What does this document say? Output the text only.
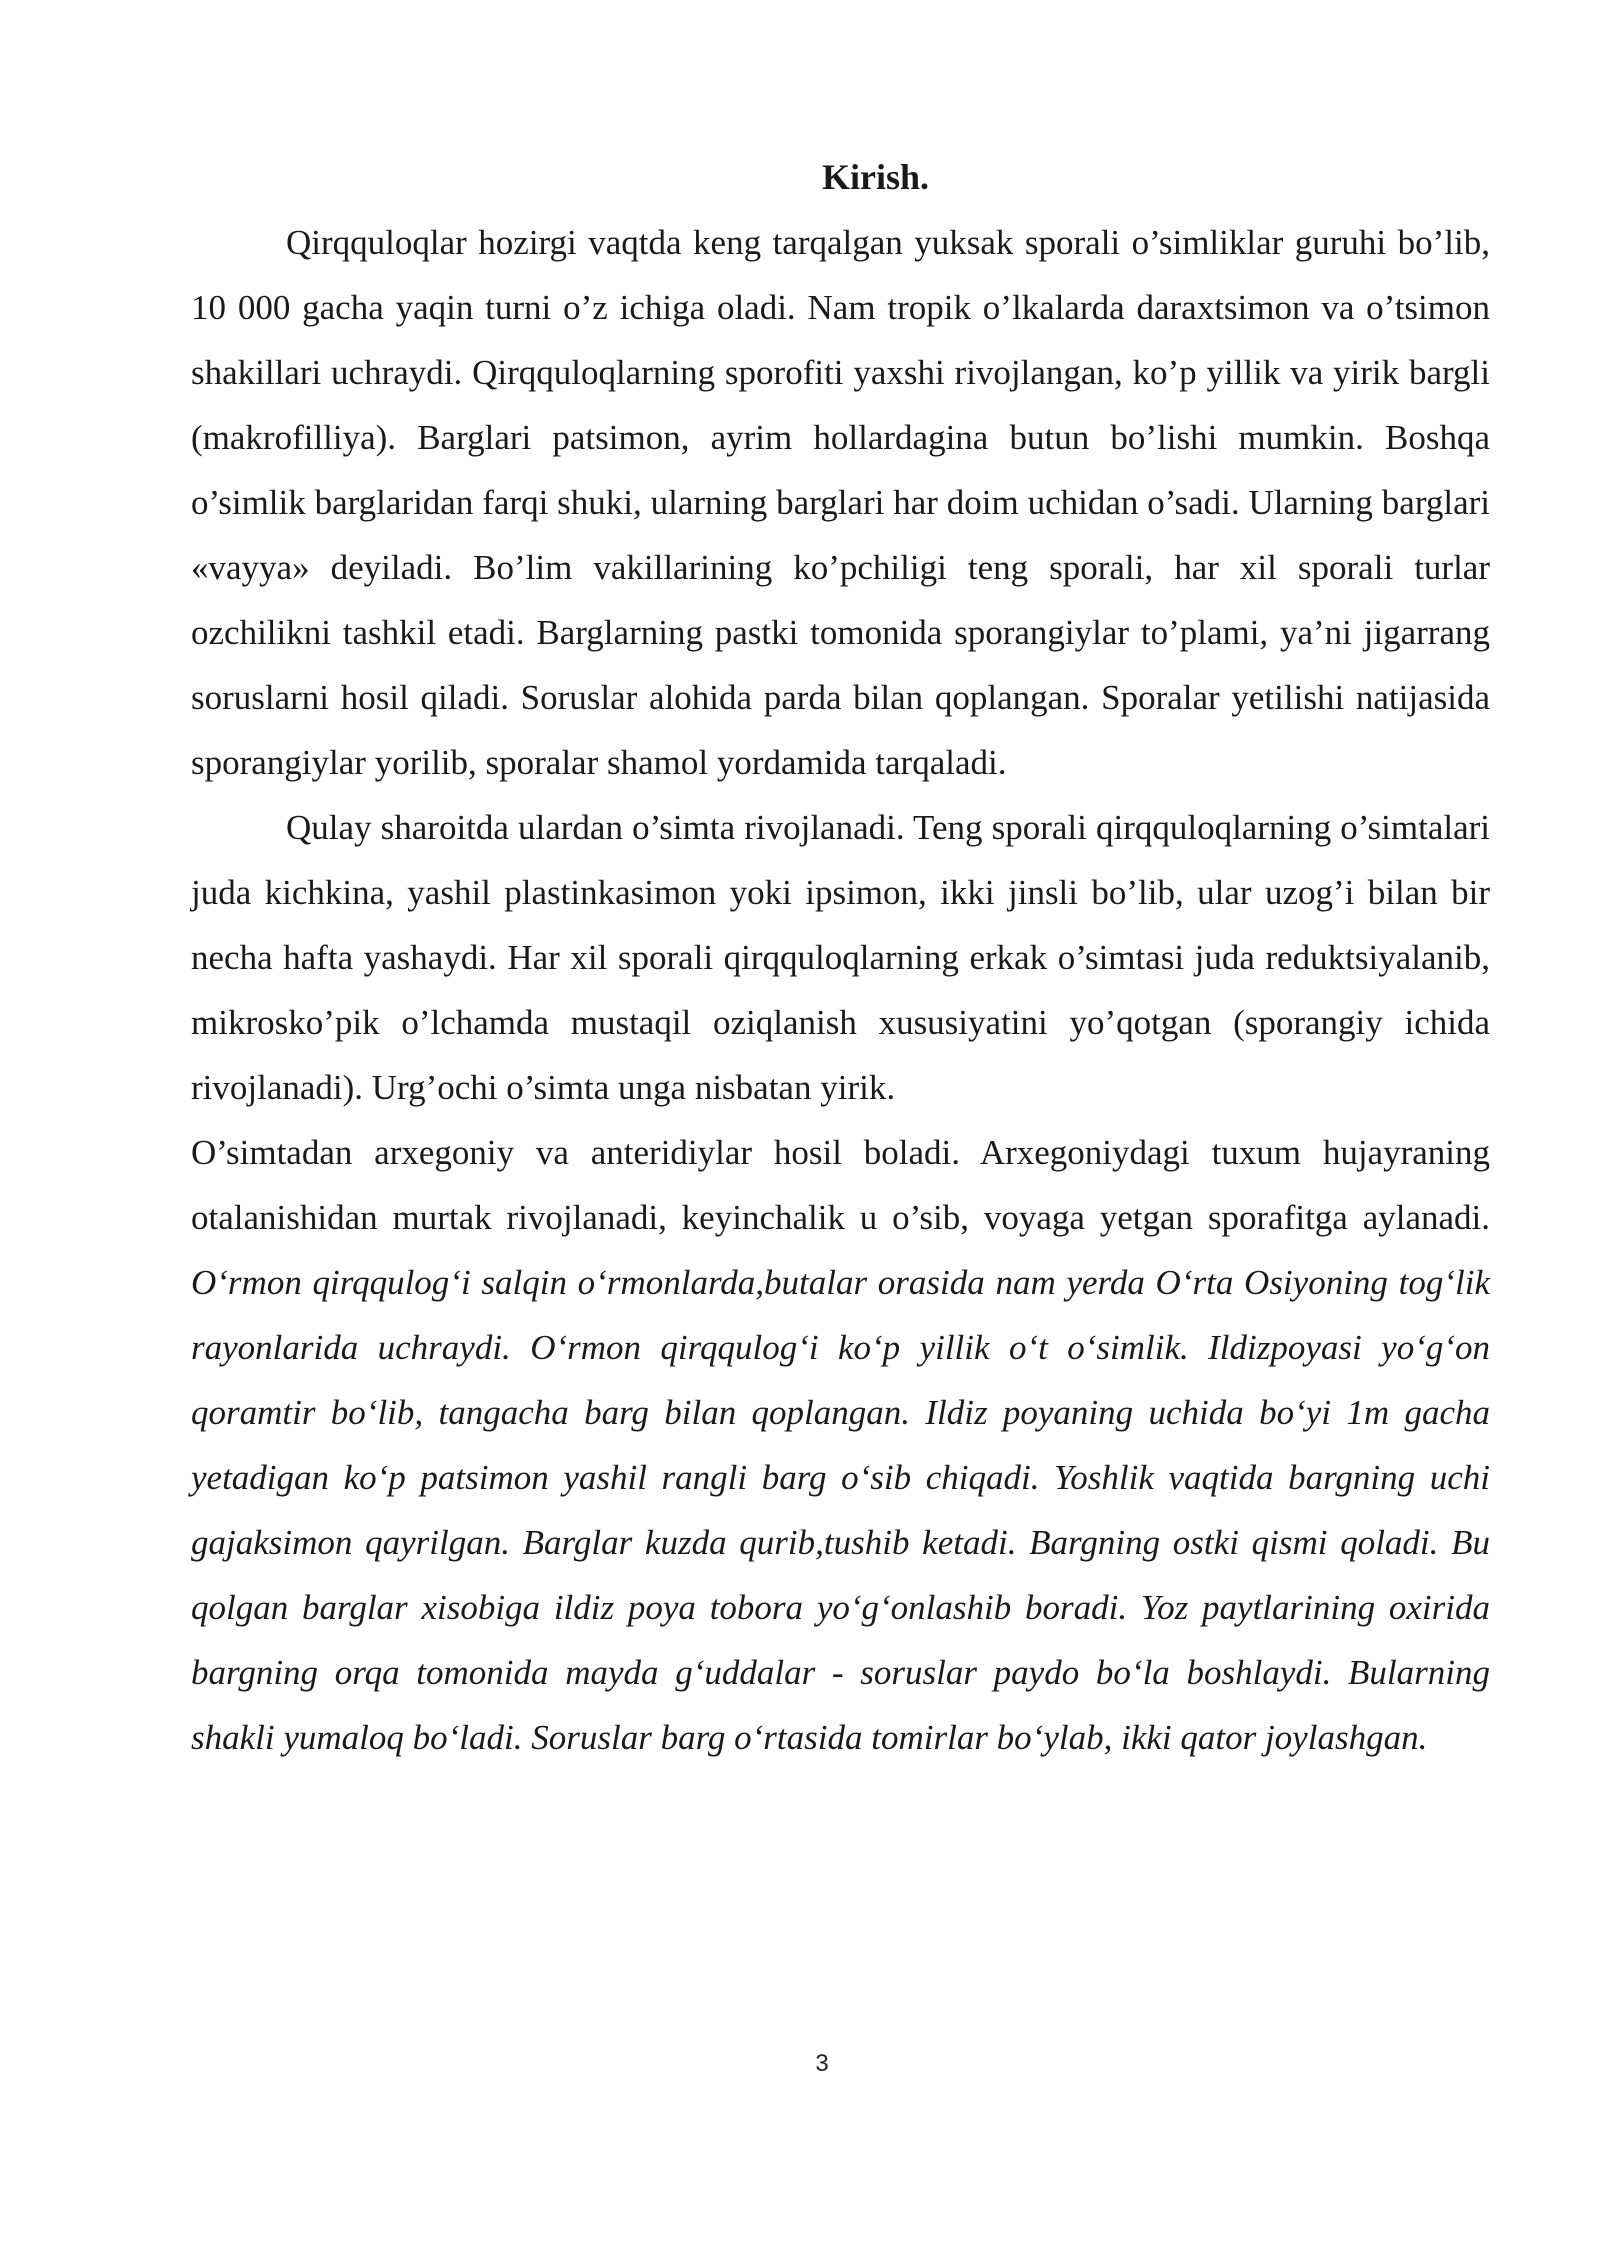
Kirish.

Qirqquloqlar hozirgi vaqtda keng tarqalgan yuksak sporali o’simliklar guruhi bo’lib, 10 000 gacha yaqin turni o’z ichiga oladi. Nam tropik o’lkalarda daraxtsimon va o’tsimon shakillari uchraydi. Qirqquloqlarning sporofiti yaxshi rivojlangan, ko’p yillik va yirik bargli (makrofilliya). Barglari patsimon, ayrim hollardagina butun bo’lishi mumkin. Boshqa o’simlik barglaridan farqi shuki, ularning barglari har doim uchidan o’sadi. Ularning barglari «vayya» deyiladi. Bo’lim vakillarining ko’pchiligi teng sporali, har xil sporali turlar ozchilikni tashkil etadi. Barglarning pastki tomonida sporangiylar to’plami, ya’ni jigarrang soruslarni hosil qiladi. Soruslar alohida parda bilan qoplangan. Sporalar yetilishi natijasida sporangiylar yorilib, sporalar shamol yordamida tarqaladi.

Qulay sharoitda ulardan o’simta rivojlanadi. Teng sporali qirqquloqlarning o’simtalari juda kichkina, yashil plastinkasimon yoki ipsimon, ikki jinsli bo’lib, ular uzog’i bilan bir necha hafta yashaydi. Har xil sporali qirqquloqlarning erkak o’simtasi juda reduktsiyalanib, mikrosko’pik o’lchamda mustaqil oziqlanish xususiyatini yo’qotgan (sporangiy ichida rivojlanadi). Urg’ochi o’simta unga nisbatan yirik.

O’simtadan arxegoniy va anteridiylar hosil boladi. Arxegoniydagi tuxum hujayraning otalanishidan murtak rivojlanadi, keyinchalik u o’sib, voyaga yetgan sporafitga aylanadi. O‘rmon qirqqulog‘i salqin o‘rmonlarda,butalar orasida nam yerda O‘rta Osiyoning tog‘lik rayonlarida uchraydi. O‘rmon qirqqulog‘i ko‘p yillik o‘t o‘simlik. Ildizpoyasi yo‘g‘on qoramtir bo‘lib, tangacha barg bilan qoplangan. Ildiz poyaning uchida bo‘yi 1m gacha yetadigan ko‘p patsimon yashil rangli barg o‘sib chiqadi. Yoshlik vaqtida bargning uchi gajaksimon qayrilgan. Barglar kuzda qurib,tushib ketadi. Bargning ostki qismi qoladi. Bu qolgan barglar xisobiga ildiz poya tobora yo‘g‘onlashib boradi. Yoz paytlarining oxirida bargning orqa tomonida mayda g‘uddalar - soruslar paydo bo‘la boshlaydi. Bularning shakli yumaloq bo‘ladi. Soruslar barg o‘rtasida tomirlar bo‘ylab, ikki qator joylashgan.

3
